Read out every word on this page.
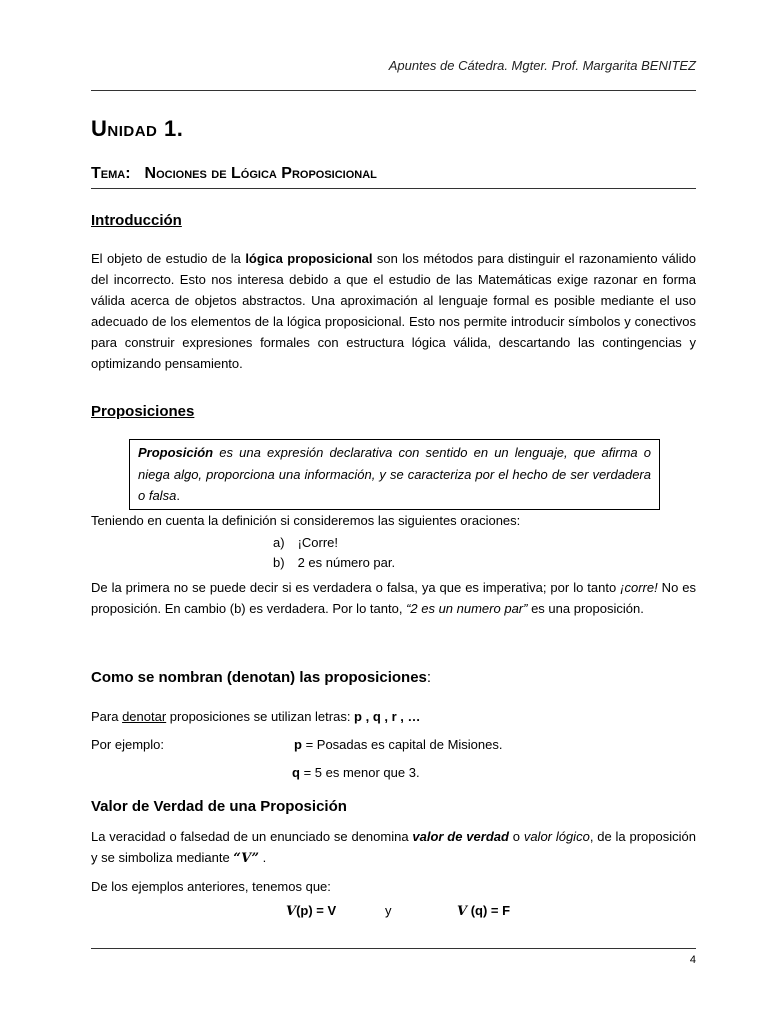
Apuntes de Cátedra. Mgter. Prof. Margarita BENITEZ
Unidad 1.
Tema: Nociones de Lógica Proposicional
Introducción
El objeto de estudio de la lógica proposicional son los métodos para distinguir el razonamiento válido del incorrecto. Esto nos interesa debido a que el estudio de las Matemáticas exige razonar en forma válida acerca de objetos abstractos. Una aproximación al lenguaje formal es posible mediante el uso adecuado de los elementos de la lógica proposicional. Esto nos permite introducir símbolos y conectivos para construir expresiones formales con estructura lógica válida, descartando las contingencias y optimizando pensamiento.
Proposiciones
Proposición es una expresión declarativa con sentido en un lenguaje, que afirma o niega algo, proporciona una información, y se caracteriza por el hecho de ser verdadera o falsa.
Teniendo en cuenta la definición si consideremos las siguientes oraciones:
a) ¡Corre!
b) 2 es número par.
De la primera no se puede decir si es verdadera o falsa, ya que es imperativa; por lo tanto ¡corre! No es proposición. En cambio (b) es verdadera. Por lo tanto, “2 es un numero par” es una proposición.
Como se nombran (denotan) las proposiciones:
Para denotar proposiciones se utilizan letras: p , q , r , …
Por ejemplo:	p = Posadas es capital de Misiones.
q = 5 es menor que 3.
Valor de Verdad de una Proposición
La veracidad o falsedad de un enunciado se denomina valor de verdad o valor lógico, de la proposición y se simboliza mediante “V” .
De los ejemplos anteriores, tenemos que:
V(p) = V	y	V (q) = F
4
